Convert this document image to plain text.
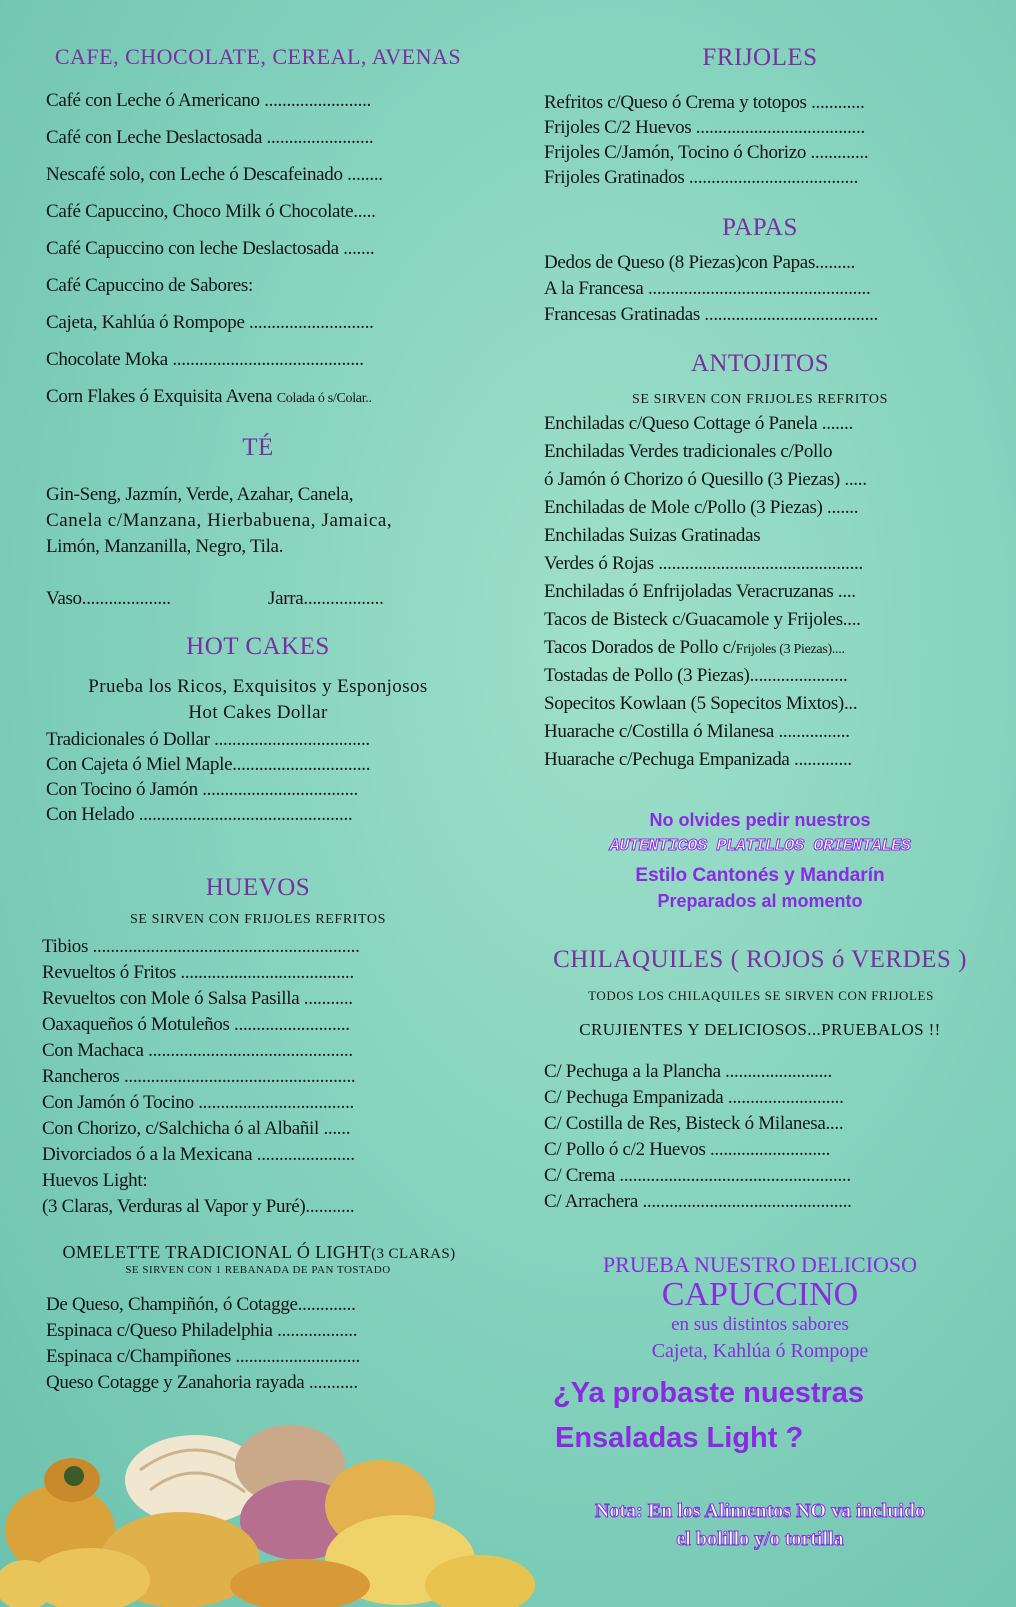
CAFE, CHOCOLATE, CEREAL, AVENAS
Café con Leche ó Americano ........................
Café con Leche Deslactosada ........................
Nescafé solo, con Leche ó Descafeinado ........
Café Capuccino, Choco Milk ó Chocolate.....
Café Capuccino con leche Deslactosada .......
Café Capuccino de Sabores:
Cajeta, Kahlúa ó Rompope ............................
Chocolate Moka ...........................................
Corn Flakes ó Exquisita Avena Colada ó s/Colar..
TÉ
Gin-Seng, Jazmín, Verde, Azahar, Canela,
Canela c/Manzana, Hierbabuena, Jamaica,
Limón, Manzanilla, Negro, Tila.
Vaso....................	Jarra..................
HOT CAKES
Prueba los Ricos, Exquisitos y Esponjosos
Hot Cakes Dollar
Tradicionales ó Dollar ...................................
Con Cajeta ó Miel Maple...............................
Con Tocino ó Jamón ...................................
Con Helado ................................................
HUEVOS
SE SIRVEN CON FRIJOLES REFRITOS
Tibios ............................................................
Revueltos ó Fritos .......................................
Revueltos con Mole ó Salsa Pasilla ...........
Oaxaqueños ó Motuleños ..........................
Con Machaca ..............................................
Rancheros ....................................................
Con Jamón ó Tocino ...................................
Con Chorizo, c/Salchicha ó al Albañil ......
Divorciados ó a la Mexicana ......................
Huevos Light:
(3 Claras, Verduras al Vapor y Puré)...........
OMELETTE TRADICIONAL Ó LIGHT(3 CLARAS)
SE SIRVEN CON 1 REBANADA DE PAN TOSTADO
De Queso, Champiñón, ó Cotagge.............
Espinaca c/Queso Philadelphia ..................
Espinaca c/Champiñones ............................
Queso Cotagge y Zanahoria rayada ...........
FRIJOLES
Refritos c/Queso ó Crema y totopos ............
Frijoles C/2 Huevos ......................................
Frijoles C/Jamón, Tocino ó Chorizo .............
Frijoles Gratinados ......................................
PAPAS
Dedos de Queso (8 Piezas)con Papas.........
A la Francesa ..................................................
Francesas Gratinadas .......................................
ANTOJITOS
SE SIRVEN CON FRIJOLES REFRITOS
Enchiladas c/Queso Cottage ó Panela .......
Enchiladas Verdes tradicionales c/Pollo
ó Jamón ó Chorizo ó Quesillo (3 Piezas) .....
Enchiladas de Mole c/Pollo (3 Piezas) .......
Enchiladas Suizas Gratinadas
Verdes ó Rojas ..............................................
Enchiladas ó Enfrijoladas Veracruzanas ....
Tacos de Bisteck c/Guacamole y Frijoles....
Tacos Dorados de Pollo c/Frijoles (3 Piezas)....
Tostadas de Pollo (3 Piezas)......................
Sopecitos Kowlaan (5 Sopecitos Mixtos)...
Huarache c/Costilla ó Milanesa ................
Huarache c/Pechuga Empanizada .............
No olvides pedir nuestros
AUTENTICOS PLATILLOS ORIENTALES
Estilo Cantonés y Mandarín
Preparados al momento
CHILAQUILES ( ROJOS ó VERDES )
TODOS LOS CHILAQUILES SE SIRVEN CON FRIJOLES
CRUJIENTES Y DELICIOSOS...PRUEBALOS !!
C/ Pechuga a la Plancha ........................
C/ Pechuga Empanizada ..........................
C/ Costilla de Res, Bisteck ó Milanesa....
C/ Pollo ó c/2 Huevos ...........................
C/ Crema ....................................................
C/ Arrachera ...............................................
PRUEBA NUESTRO DELICIOSO
CAPUCCINO
en sus distintos sabores
Cajeta, Kahlúa ó Rompope
¿Ya probaste nuestras
Ensaladas Light ?
Nota: En los Alimentos NO va incluido
el bolillo y/o tortilla
